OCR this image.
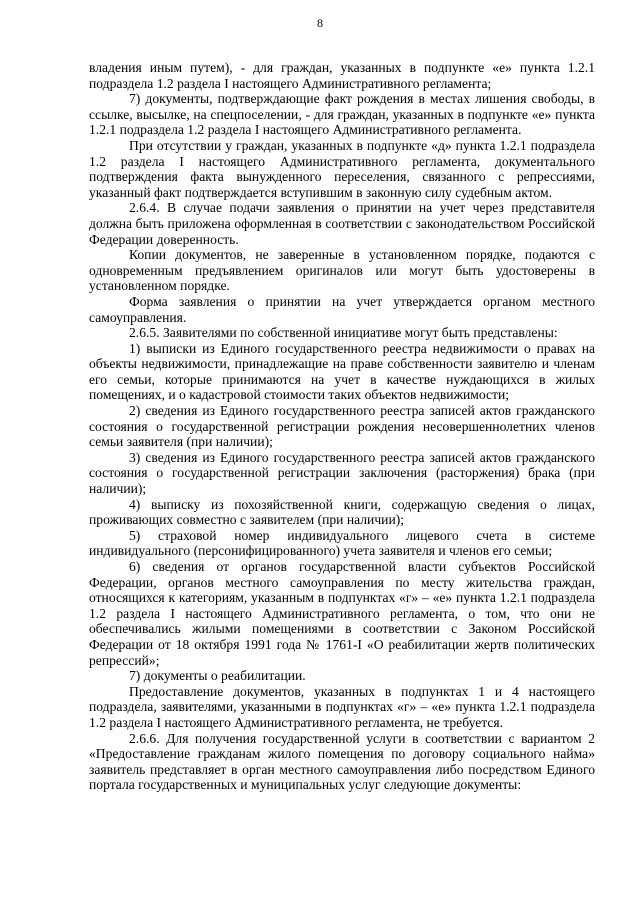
8

владения иным путем), - для граждан, указанных в подпункте «е» пункта 1.2.1 подраздела 1.2 раздела I настоящего Административного регламента;

7) документы, подтверждающие факт рождения в местах лишения свободы, в ссылке, высылке, на спецпоселении, - для граждан, указанных в подпункте «е» пункта 1.2.1 подраздела 1.2 раздела I настоящего Административного регламента.

При отсутствии у граждан, указанных в подпункте «д» пункта 1.2.1 подраздела 1.2 раздела I настоящего Административного регламента, документального подтверждения факта вынужденного переселения, связанного с репрессиями, указанный факт подтверждается вступившим в законную силу судебным актом.

2.6.4. В случае подачи заявления о принятии на учет через представителя должна быть приложена оформленная в соответствии с законодательством Российской Федерации доверенность.

Копии документов, не заверенные в установленном порядке, подаются с одновременным предъявлением оригиналов или могут быть удостоверены в установленном порядке.

Форма заявления о принятии на учет утверждается органом местного самоуправления.

2.6.5. Заявителями по собственной инициативе могут быть представлены:

1) выписки из Единого государственного реестра недвижимости о правах на объекты недвижимости, принадлежащие на праве собственности заявителю и членам его семьи, которые принимаются на учет в качестве нуждающихся в жилых помещениях, и о кадастровой стоимости таких объектов недвижимости;

2) сведения из Единого государственного реестра записей актов гражданского состояния о государственной регистрации рождения несовершеннолетних членов семьи заявителя (при наличии);

3) сведения из Единого государственного реестра записей актов гражданского состояния о государственной регистрации заключения (расторжения) брака (при наличии);

4) выписку из похозяйственной книги, содержащую сведения о лицах, проживающих совместно с заявителем (при наличии);

5) страховой номер индивидуального лицевого счета в системе индивидуального (персонифицированного) учета заявителя и членов его семьи;

6) сведения от органов государственной власти субъектов Российской Федерации, органов местного самоуправления по месту жительства граждан, относящихся к категориям, указанным в подпунктах «г» – «е» пункта 1.2.1 подраздела 1.2 раздела I настоящего Административного регламента, о том, что они не обеспечивались жилыми помещениями в соответствии с Законом Российской Федерации от 18 октября 1991 года № 1761-I «О реабилитации жертв политических репрессий»;

7) документы о реабилитации.

Предоставление документов, указанных в подпунктах 1 и 4 настоящего подраздела, заявителями, указанными в подпунктах «г» – «е» пункта 1.2.1 подраздела 1.2 раздела I настоящего Административного регламента, не требуется.

2.6.6. Для получения государственной услуги в соответствии с вариантом 2 «Предоставление гражданам жилого помещения по договору социального найма» заявитель представляет в орган местного самоуправления либо посредством Единого портала государственных и муниципальных услуг следующие документы:
